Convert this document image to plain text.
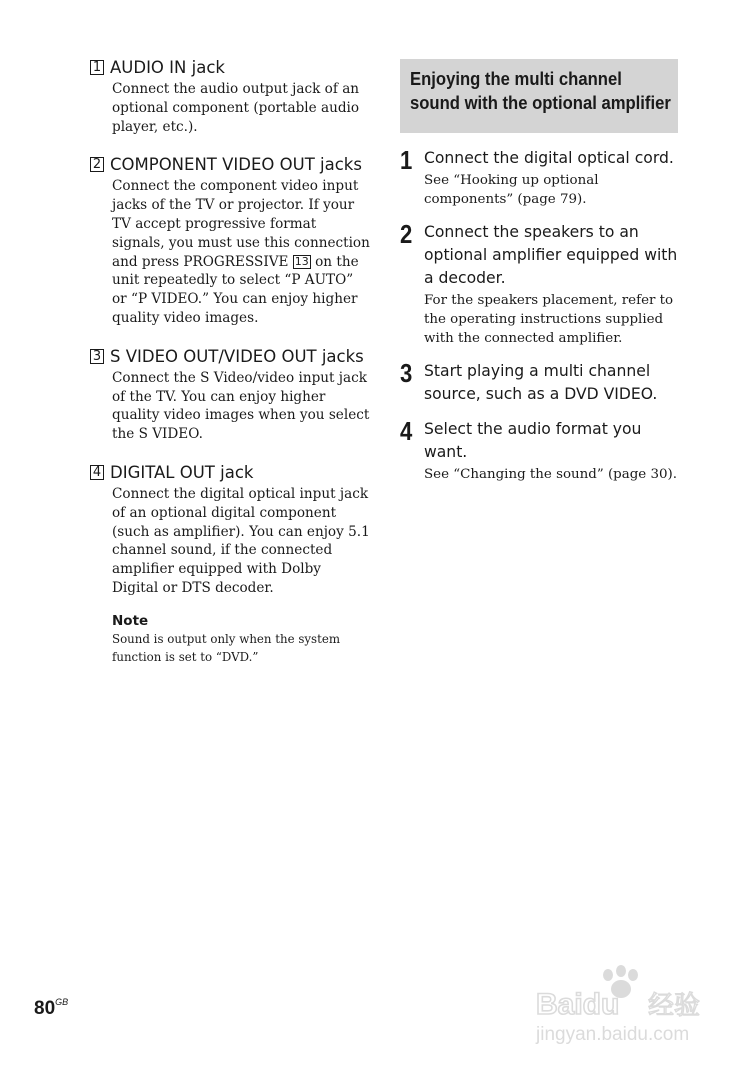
1 AUDIO IN jack
Connect the audio output jack of an optional component (portable audio player, etc.).
2 COMPONENT VIDEO OUT jacks
Connect the component video input jacks of the TV or projector. If your TV accept progressive format signals, you must use this connection and press PROGRESSIVE 13 on the unit repeatedly to select “P AUTO” or “P VIDEO.” You can enjoy higher quality video images.
3 S VIDEO OUT/VIDEO OUT jacks
Connect the S Video/video input jack of the TV. You can enjoy higher quality video images when you select the S VIDEO.
4 DIGITAL OUT jack
Connect the digital optical input jack of an optional digital component (such as amplifier). You can enjoy 5.1 channel sound, if the connected amplifier equipped with Dolby Digital or DTS decoder.
Note
Sound is output only when the system function is set to “DVD.”
Enjoying the multi channel sound with the optional amplifier
1 Connect the digital optical cord.
See “Hooking up optional components” (page 79).
2 Connect the speakers to an optional amplifier equipped with a decoder.
For the speakers placement, refer to the operating instructions supplied with the connected amplifier.
3 Start playing a multi channel source, such as a DVD VIDEO.
4 Select the audio format you want.
See “Changing the sound” (page 30).
$80^{GB}$	Baidu 经验
jingyan.baidu.com
